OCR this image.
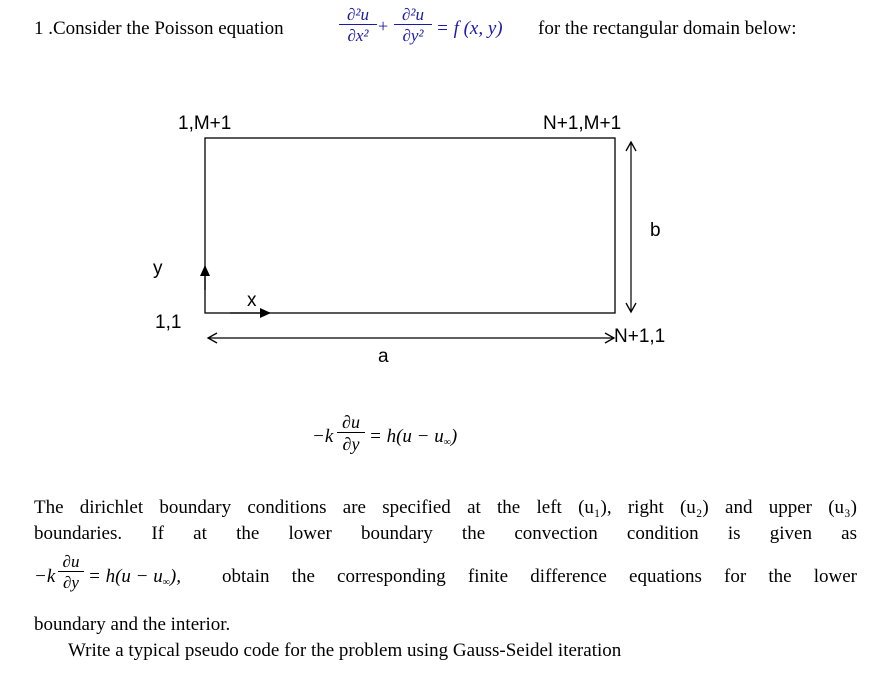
1 .Consider the Poisson equation
∂²u
∂x² +
∂²u
∂y² = f (x, y) for the rectangular domain below:
1,M+1	N+1,M+1
y
x
1,1
N+1,1
a
b
−k
∂u
∂y = h(u − u∞)

The dirichlet boundary conditions are specified at the left (u₁), right (u₂) and upper (u₃)

boundaries. If at the lower boundary the convection condition is given as

−k
∂u
∂y = h(u − u∞), obtain the corresponding finite difference equations for the lower

boundary and the interior.
Write a typical pseudo code for the problem using Gauss-Seidel iteration
